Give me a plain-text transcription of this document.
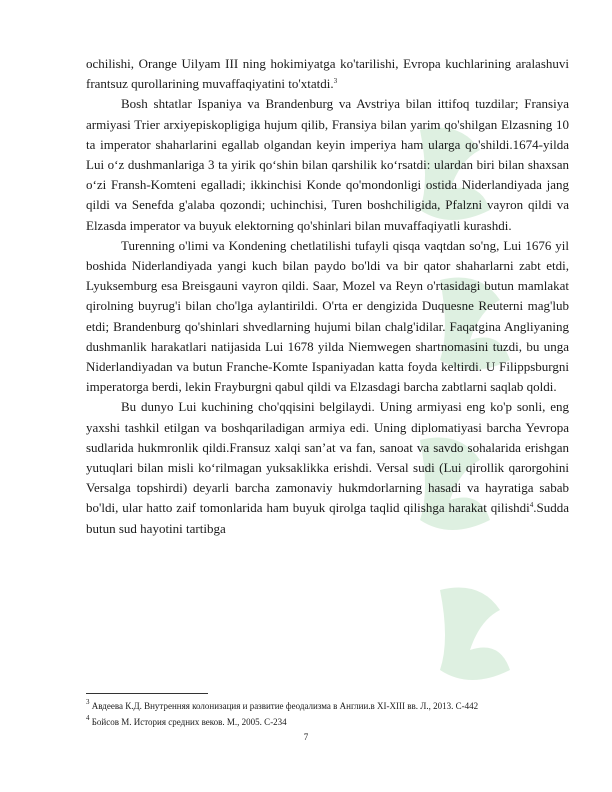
ochilishi, Orange Uilyam III ning hokimiyatga ko'tarilishi, Evropa kuchlarining aralashuvi frantsuz qurollarining muvaffaqiyatini to'xtatdi.$^3$

Bosh shtatlar Ispaniya va Brandenburg va Avstriya bilan ittifoq tuzdilar; Fransiya armiyasi Trier arxiyepiskopligiga hujum qilib, Fransiya bilan yarim qo'shilgan Elzasning 10 ta imperator shaharlarini egallab olgandan keyin imperiya ham ularga qo'shildi.1674-yilda Lui o‘z dushmanlariga 3 ta yirik qo‘shin bilan qarshilik ko‘rsatdi: ulardan biri bilan shaxsan o‘zi Fransh-Komteni egalladi; ikkinchisi Konde qo'mondonligi ostida Niderlandiyada jang qildi va Senefda g'alaba qozondi; uchinchisi, Turen boshchiligida, Pfalzni vayron qildi va Elzasda imperator va buyuk elektorning qo'shinlari bilan muvaffaqiyatli kurashdi.

Turenning o'limi va Kondening chetlatilishi tufayli qisqa vaqtdan so'ng, Lui 1676 yil boshida Niderlandiyada yangi kuch bilan paydo bo'ldi va bir qator shaharlarni zabt etdi, Lyuksemburg esa Breisgauni vayron qildi. Saar, Mozel va Reyn o'rtasidagi butun mamlakat qirolning buyrug'i bilan cho'lga aylantirildi. O'rta er dengizida Duquesne Reuterni mag'lub etdi; Brandenburg qo'shinlari shvedlarning hujumi bilan chalg'idilar. Faqatgina Angliyaning dushmanlik harakatlari natijasida Lui 1678 yilda Niemwegen shartnomasini tuzdi, bu unga Niderlandiyadan va butun Franche-Komte Ispaniyadan katta foyda keltirdi. U Filippsburgni imperatorga berdi, lekin Frayburgni qabul qildi va Elzasdagi barcha zabtlarni saqlab qoldi.

Bu dunyo Lui kuchining cho'qqisini belgilaydi. Uning armiyasi eng ko'p sonli, eng yaxshi tashkil etilgan va boshqariladigan armiya edi. Uning diplomatiyasi barcha Yevropa sudlarida hukmronlik qildi.Fransuz xalqi san’at va fan, sanoat va savdo sohalarida erishgan yutuqlari bilan misli ko‘rilmagan yuksaklikka erishdi. Versal sudi (Lui qirollik qarorgohini Versalga topshirdi) deyarli barcha zamonaviy hukmdorlarning hasadi va hayratiga sabab bo'ldi, ular hatto zaif tomonlarida ham buyuk qirolga taqlid qilishga harakat qilishdi$^4$.Sudda butun sud hayotini tartibga

$^3$ Авдеева К.Д. Внутренняя колонизация и развитие феодализма в Англии.в XI-XIII вв. Л., 2013. С-442
$^4$ Бойсов М. История средних веков. М., 2005. С-234
7
